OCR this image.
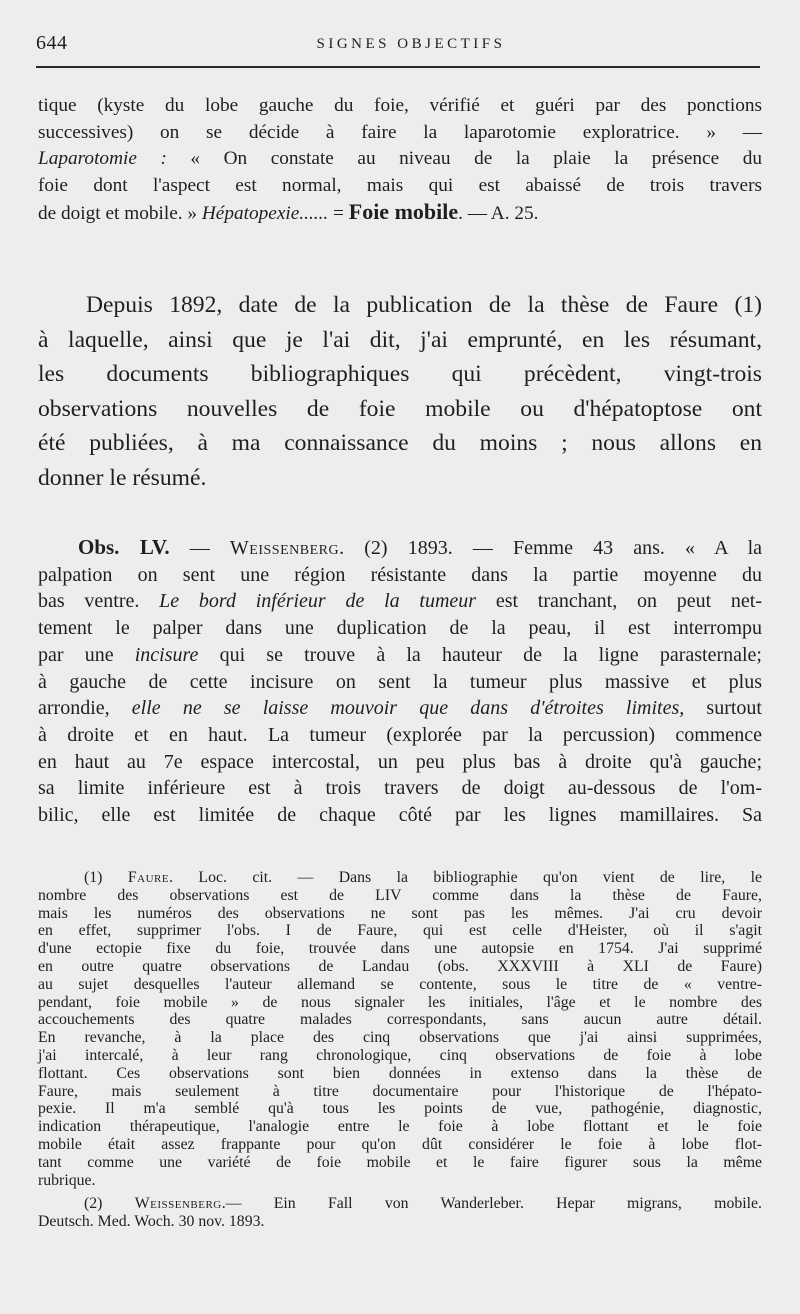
644	SIGNES OBJECTIFS
tique (kyste du lobe gauche du foie, vérifié et guéri par des ponctions
successives) on se décide à faire la laparotomie exploratrice. » —
Laparotomie : « On constate au niveau de la plaie la présence du
foie dont l'aspect est normal, mais qui est abaissé de trois travers
de doigt et mobile. » Hépatopexie...... = Foie mobile. — A. 25.
Depuis 1892, date de la publication de la thèse de Faure (1)
à laquelle, ainsi que je l'ai dit, j'ai emprunté, en les résumant,
les documents bibliographiques qui précèdent, vingt-trois
observations nouvelles de foie mobile ou d'hépatoptose ont
été publiées, à ma connaissance du moins ; nous allons en
donner le résumé.
Obs. LV. — Weissenberg. (2) 1893. — Femme 43 ans. « A la
palpation on sent une région résistante dans la partie moyenne du
bas ventre. Le bord inférieur de la tumeur est tranchant, on peut net-
tement le palper dans une duplication de la peau, il est interrompu
par une incisure qui se trouve à la hauteur de la ligne parasternale;
à gauche de cette incisure on sent la tumeur plus massive et plus
arrondie, elle ne se laisse mouvoir que dans d'étroites limites, surtout
à droite et en haut. La tumeur (explorée par la percussion) commence
en haut au 7e espace intercostal, un peu plus bas à droite qu'à gauche;
sa limite inférieure est à trois travers de doigt au-dessous de l'om-
bilic, elle est limitée de chaque côté par les lignes mamillaires. Sa
(1) Faure. Loc. cit. — Dans la bibliographie qu'on vient de lire, le
nombre des observations est de LIV comme dans la thèse de Faure,
mais les numéros des observations ne sont pas les mêmes. J'ai cru devoir
en effet, supprimer l'obs. I de Faure, qui est celle d'Heister, où il s'agit
d'une ectopie fixe du foie, trouvée dans une autopsie en 1754. J'ai supprimé
en outre quatre observations de Landau (obs. XXXVIII à XLI de Faure)
au sujet desquelles l'auteur allemand se contente, sous le titre de « ventre-
pendant, foie mobile » de nous signaler les initiales, l'âge et le nombre des
accouchements des quatre malades correspondants, sans aucun autre détail.
En revanche, à la place des cinq observations que j'ai ainsi supprimées,
j'ai intercalé, à leur rang chronologique, cinq observations de foie à lobe
flottant. Ces observations sont bien données in extenso dans la thèse de
Faure, mais seulement à titre documentaire pour l'historique de l'hépato-
pexie. Il m'a semblé qu'à tous les points de vue, pathogénie, diagnostic,
indication thérapeutique, l'analogie entre le foie à lobe flottant et le foie
mobile était assez frappante pour qu'on dût considérer le foie à lobe flot-
tant comme une variété de foie mobile et le faire figurer sous la même
rubrique.
(2) Weissenberg.— Ein Fall von Wanderleber. Hepar migrans, mobile.
Deutsch. Med. Woch. 30 nov. 1893.
